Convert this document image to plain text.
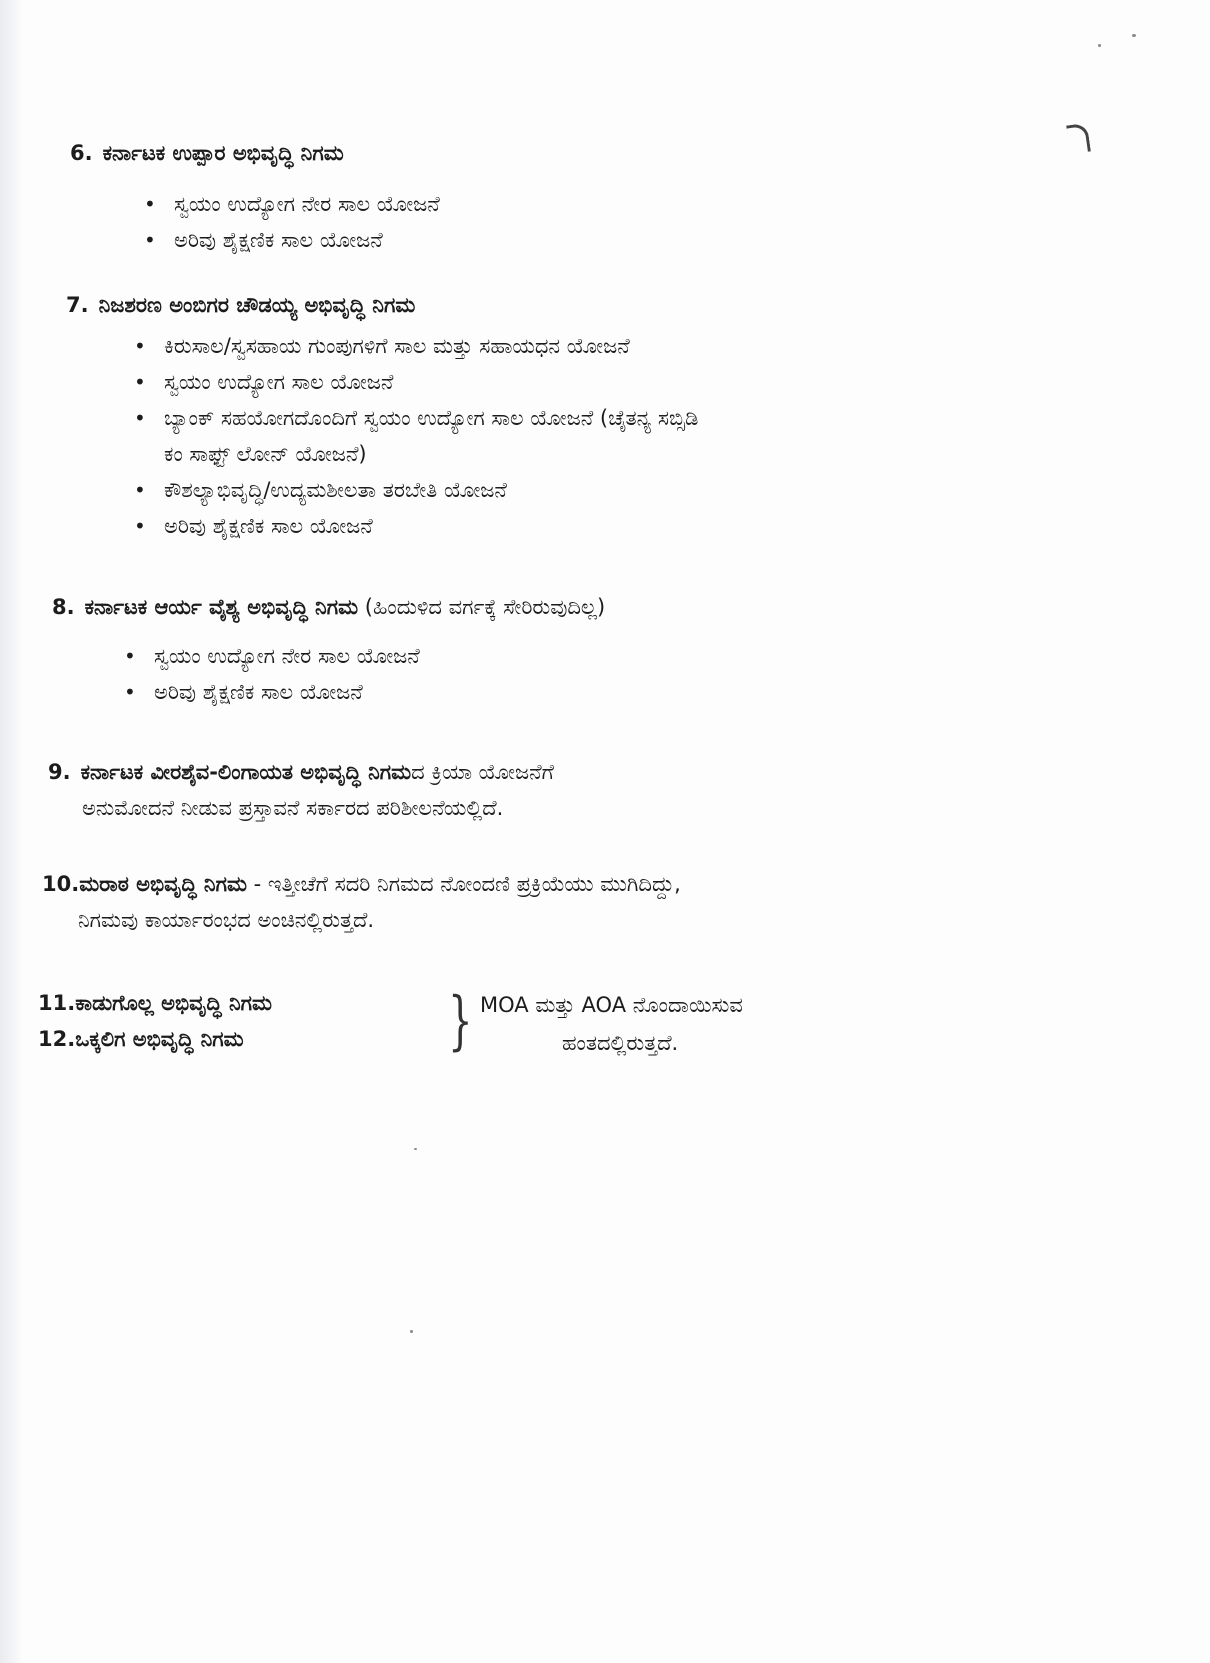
6. ಕರ್ನಾಟಕ ಉಪ್ಪಾರ ಅಭಿವೃದ್ಧಿ ನಿಗಮ
• ಸ್ವಯಂ ಉದ್ಯೋಗ ನೇರ ಸಾಲ ಯೋಜನೆ
• ಅರಿವು ಶೈಕ್ಷಣಿಕ ಸಾಲ ಯೋಜನೆ
7. ನಿಜಶರಣ ಅಂಬಿಗರ ಚೌಡಯ್ಯ ಅಭಿವೃದ್ಧಿ ನಿಗಮ
• ಕಿರುಸಾಲ/ಸ್ವಸಹಾಯ ಗುಂಪುಗಳಿಗೆ ಸಾಲ ಮತ್ತು ಸಹಾಯಧನ ಯೋಜನೆ
• ಸ್ವಯಂ ಉದ್ಯೋಗ ಸಾಲ ಯೋಜನೆ
• ಬ್ಯಾಂಕ್ ಸಹಯೋಗದೊಂದಿಗೆ ಸ್ವಯಂ ಉದ್ಯೋಗ ಸಾಲ ಯೋಜನೆ (ಚೈತನ್ಯ ಸಬ್ಸಿಡಿ
ಕಂ ಸಾಫ್ಟ್ ಲೋನ್ ಯೋಜನೆ)
• ಕೌಶಲ್ಯಾಭಿವೃದ್ಧಿ/ಉದ್ಯಮಶೀಲತಾ ತರಬೇತಿ ಯೋಜನೆ
• ಅರಿವು ಶೈಕ್ಷಣಿಕ ಸಾಲ ಯೋಜನೆ
8. ಕರ್ನಾಟಕ ಆರ್ಯ ವೈಶ್ಯ ಅಭಿವೃದ್ಧಿ ನಿಗಮ (ಹಿಂದುಳಿದ ವರ್ಗಕ್ಕೆ ಸೇರಿರುವುದಿಲ್ಲ)
• ಸ್ವಯಂ ಉದ್ಯೋಗ ನೇರ ಸಾಲ ಯೋಜನೆ
• ಅರಿವು ಶೈಕ್ಷಣಿಕ ಸಾಲ ಯೋಜನೆ
9. ಕರ್ನಾಟಕ ವೀರಶೈವ-ಲಿಂಗಾಯತ ಅಭಿವೃದ್ಧಿ ನಿಗಮದ ಕ್ರಿಯಾ ಯೋಜನೆಗೆ
ಅನುಮೋದನೆ ನೀಡುವ ಪ್ರಸ್ತಾವನೆ ಸರ್ಕಾರದ ಪರಿಶೀಲನೆಯಲ್ಲಿದೆ.
10.ಮರಾಠ ಅಭಿವೃದ್ಧಿ ನಿಗಮ - ಇತ್ತೀಚೆಗೆ ಸದರಿ ನಿಗಮದ ನೋಂದಣಿ ಪ್ರಕ್ರಿಯೆಯು ಮುಗಿದಿದ್ದು,
ನಿಗಮವು ಕಾರ್ಯಾರಂಭದ ಅಂಚಿನಲ್ಲಿರುತ್ತದೆ.
11.ಕಾಡುಗೊಲ್ಲ ಅಭಿವೃದ್ಧಿ ನಿಗಮ
12.ಒಕ್ಕಲಿಗ ಅಭಿವೃದ್ಧಿ ನಿಗಮ	} MOA ಮತ್ತು AOA ನೊಂದಾಯಿಸುವ
ಹಂತದಲ್ಲಿರುತ್ತದೆ.
